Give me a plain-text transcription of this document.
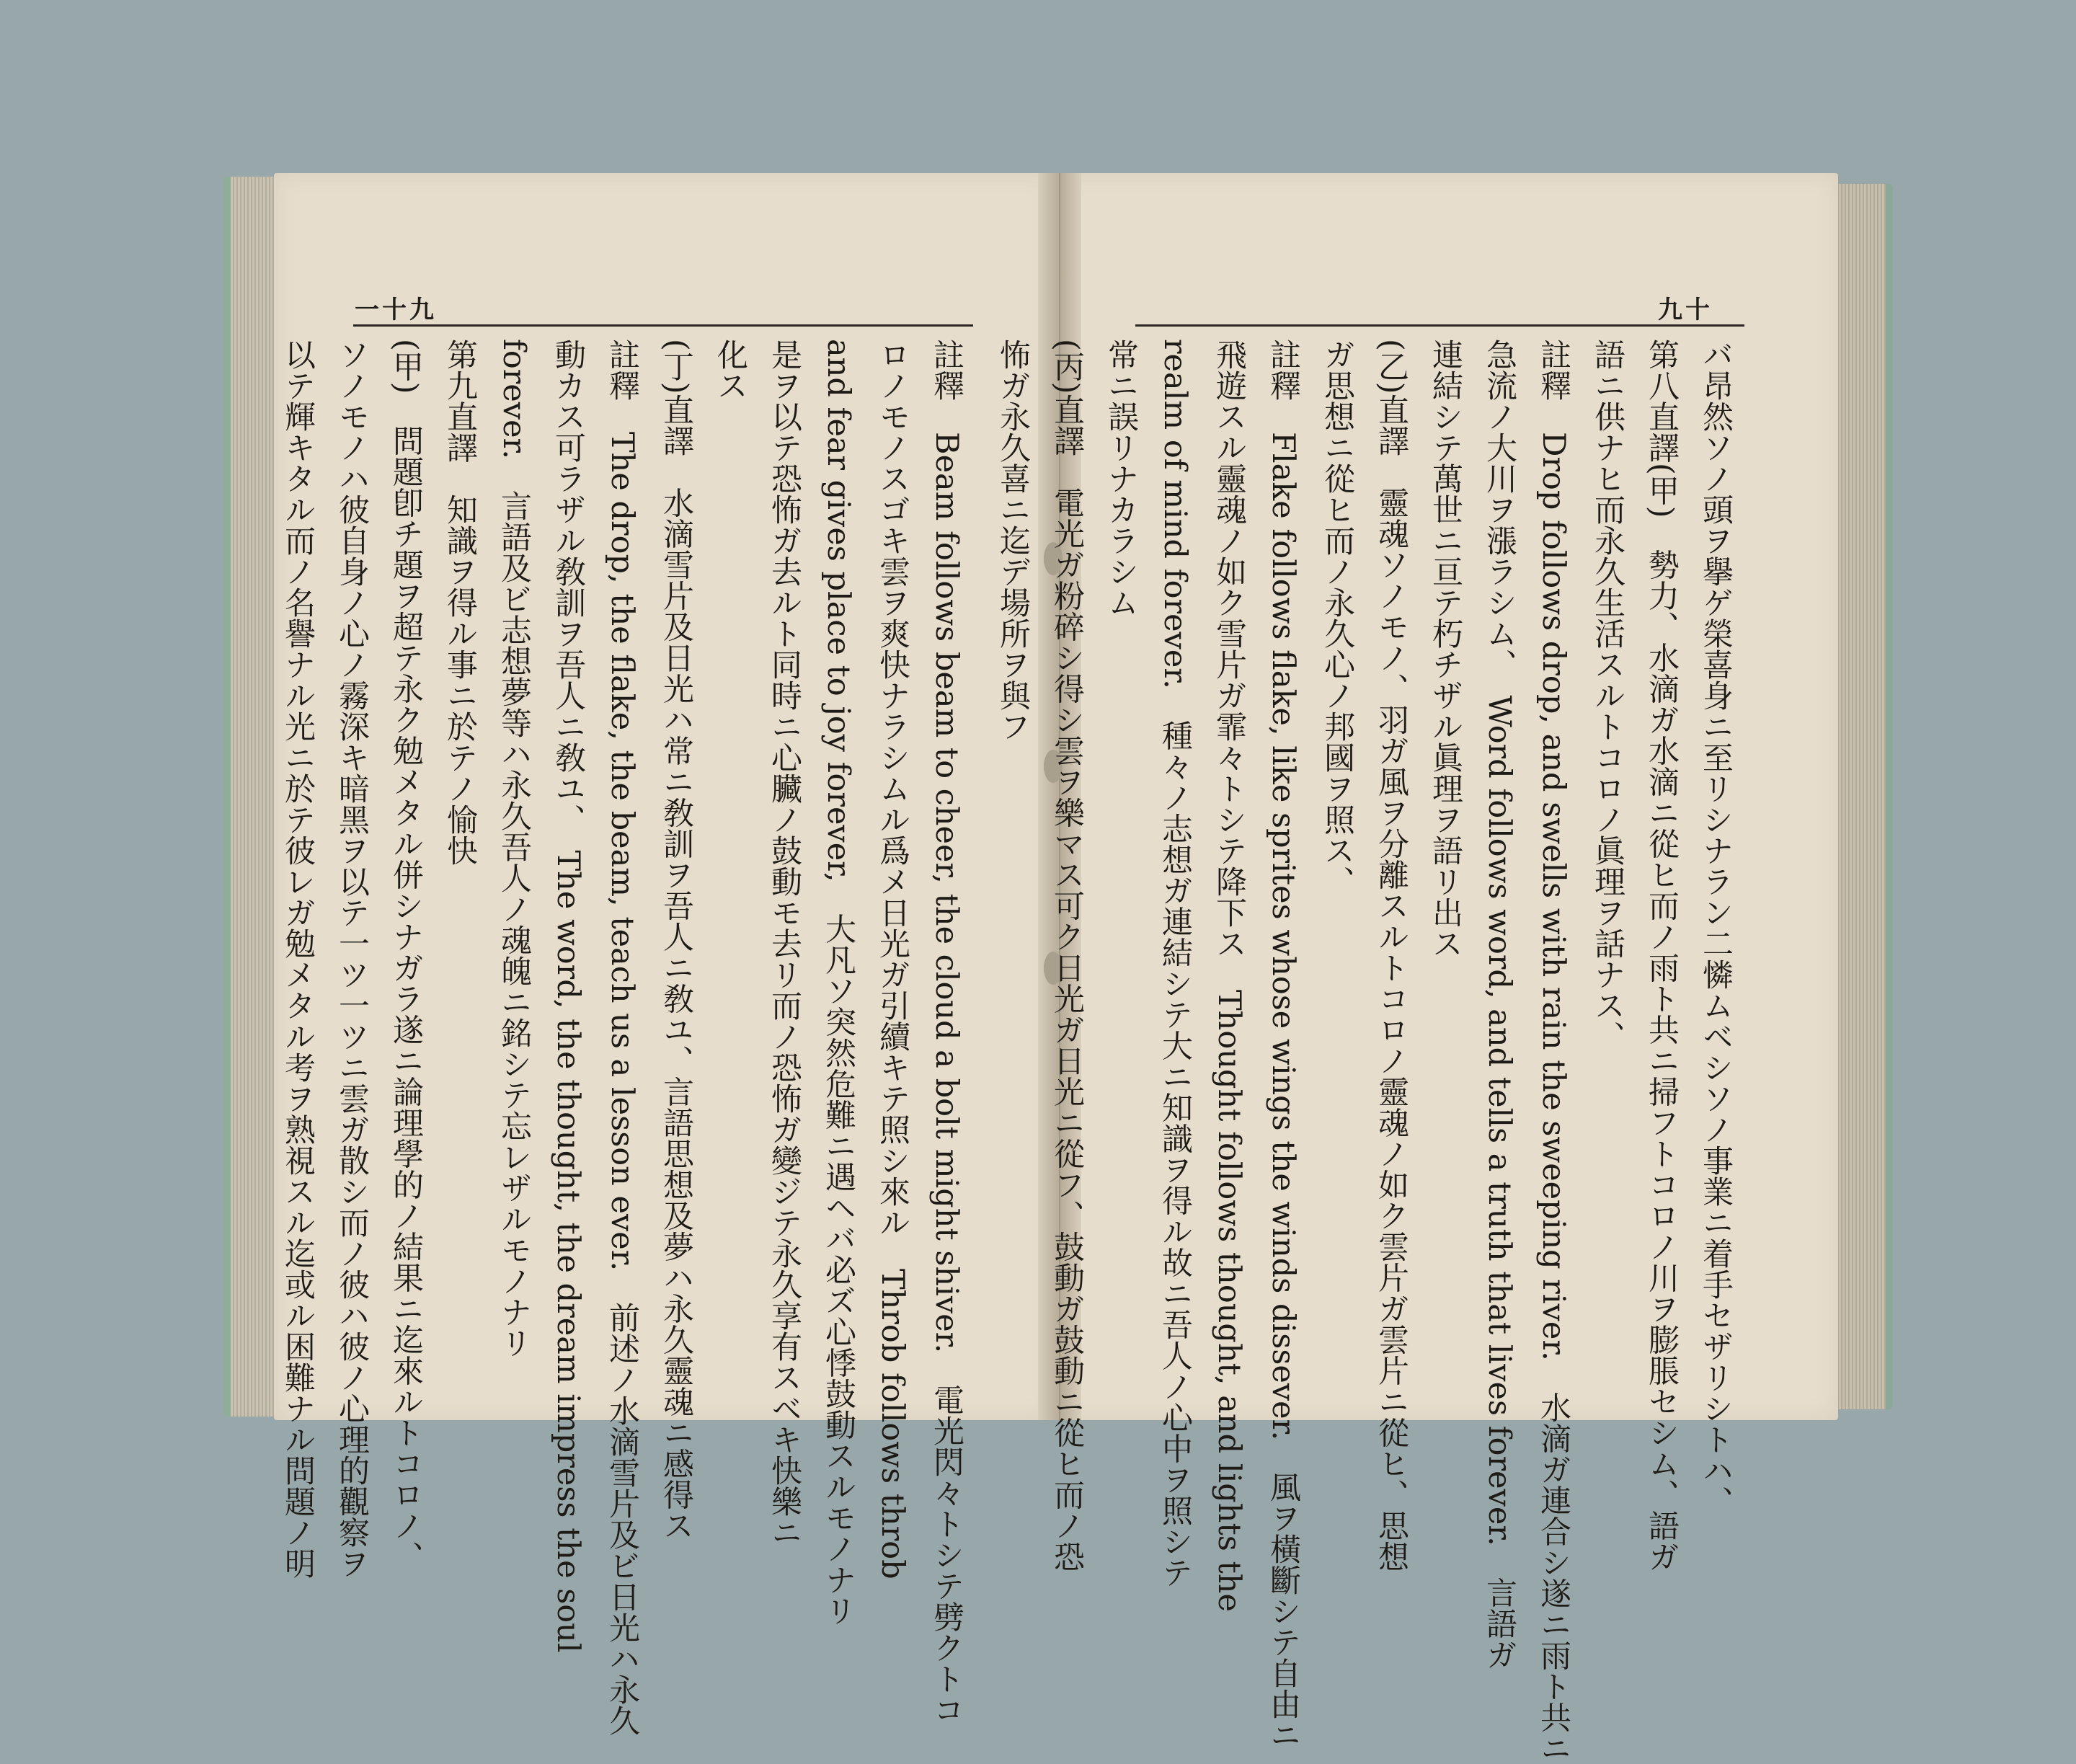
一十九	九十
註釋　Beam follows beam to cheer, the cloud a bolt might shiver.　電光閃々トシテ劈クトコ
ロノモノスゴキ雲ヲ爽快ナラシムル爲メ日光ガ引續キテ照シ來ル　Throb follows throb
and fear gives place to joy forever,　大凡ソ突然危難ニ遇ヘバ必ズ心悸鼓動スルモノナリ
是ヲ以テ恐怖ガ去ルト同時ニ心臟ノ鼓動モ去リ而ノ恐怖ガ變ジテ永久享有スベキ快樂ニ
化ス
(丁)直譯　水滴雪片及日光ハ常ニ敎訓ヲ吾人ニ敎ユ、言語思想及夢ハ永久靈魂ニ感得ス
註釋　The drop, the flake, the beam, teach us a lesson ever.　前述ノ水滴雪片及ビ日光ハ永久
動カス可ラザル敎訓ヲ吾人ニ敎ユ、　The word, the thought, the dream impress the soul
forever.　言語及ビ志想夢等ハ永久吾人ノ魂魄ニ銘シテ忘レザルモノナリ
第九直譯　知識ヲ得ル事ニ於テノ愉快
(甲)　問題卽チ題ヲ超テ永ク勉メタル併シナガラ遂ニ論理學的ノ結果ニ迄來ルトコロノ、
ソノモノハ彼自身ノ心ノ霧深キ暗黑ヲ以テ一ツ一ツニ雲ガ散シ而ノ彼ハ彼ノ心理的觀察ヲ
以テ輝キタル而ノ名譽ナル光ニ於テ彼レガ勉メタル考ヲ熟視スル迄或ル困難ナル問題ノ明	バ昂然ソノ頭ヲ擧ゲ榮喜身ニ至リシナラン二憐ムベシソノ事業ニ着手セザリシトハ、
第八直譯(甲)　勢力、水滴ガ水滴ニ從ヒ而ノ雨ト共ニ掃フトコロノ川ヲ膨脹セシム、語ガ
語ニ供ナヒ而永久生活スルトコロノ眞理ヲ話ナス、
註釋　Drop follows drop, and swells with rain the sweeping river.　水滴ガ連合シ遂ニ雨ト共ニ
急流ノ大川ヲ漲ラシム、　Word follows word, and tells a truth that lives forever.　言語ガ
連結シテ萬世ニ亘テ朽チザル眞理ヲ語リ出ス
(乙)直譯　靈魂ソノモノ、羽ガ風ヲ分離スルトコロノ靈魂ノ如ク雲片ガ雲片ニ從ヒ、思想
ガ思想ニ從ヒ而ノ永久心ノ邦國ヲ照ス、
註釋　Flake follows flake, like sprites whose wings the winds dissever.　風ヲ橫斷シテ自由ニ
飛遊スル靈魂ノ如ク雪片ガ霏々トシテ降下ス　Thought follows thought, and lights the
realm of mind forever.　種々ノ志想ガ連結シテ大ニ知識ヲ得ル故ニ吾人ノ心中ヲ照シテ
常ニ誤リナカラシム
(丙)直譯　電光ガ粉碎シ得シ雲ヲ樂マス可ク日光ガ日光ニ從フ、鼓動ガ鼓動ニ從ヒ而ノ恐
怖ガ永久喜ニ迄デ場所ヲ與フ
